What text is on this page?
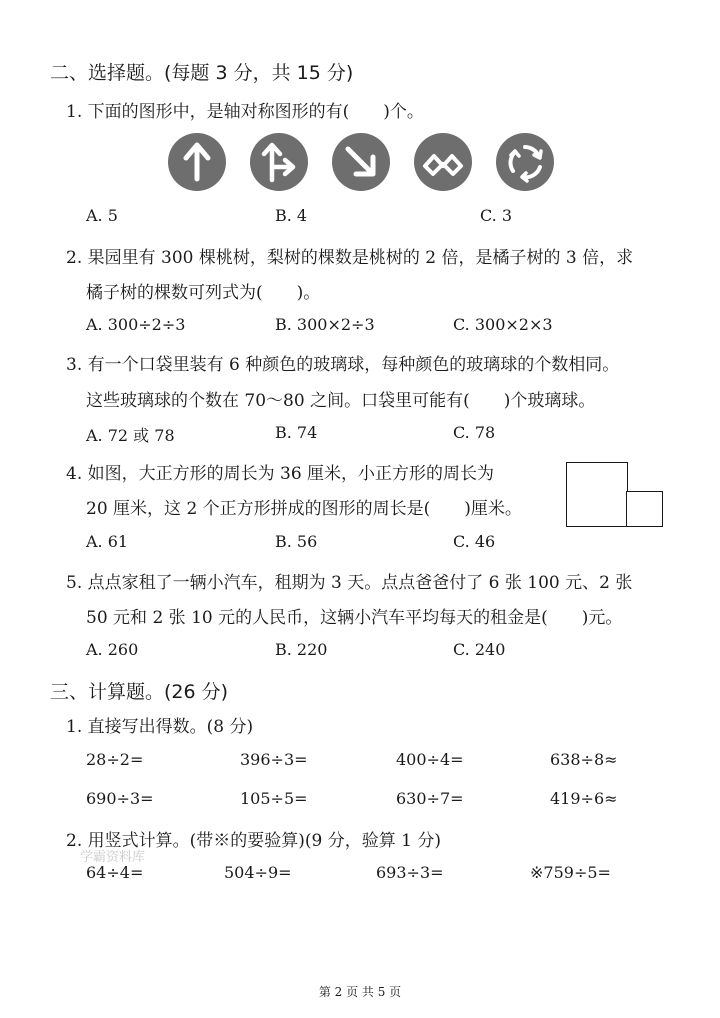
二、选择题。(每题 3 分，共 15 分)
1. 下面的图形中，是轴对称图形的有(　　)个。
A. 5	B. 4	C. 3
2. 果园里有 300 棵桃树，梨树的棵数是桃树的 2 倍，是橘子树的 3 倍，求
橘子树的棵数可列式为(　　)。
A. 300÷2÷3	B. 300×2÷3	C. 300×2×3
3. 有一个口袋里装有 6 种颜色的玻璃球，每种颜色的玻璃球的个数相同。
这些玻璃球的个数在 70～80 之间。口袋里可能有(　　)个玻璃球。
A. 72 或 78	B. 74	C. 78
4. 如图，大正方形的周长为 36 厘米，小正方形的周长为
20 厘米，这 2 个正方形拼成的图形的周长是(　　)厘米。
A. 61	B. 56	C. 46
5. 点点家租了一辆小汽车，租期为 3 天。点点爸爸付了 6 张 100 元、2 张
50 元和 2 张 10 元的人民币，这辆小汽车平均每天的租金是(　　)元。
A. 260	B. 220	C. 240
三、计算题。(26 分)
1. 直接写出得数。(8 分)
28÷2=	396÷3=	400÷4=	638÷8≈
690÷3=	105÷5=	630÷7=	419÷6≈
2. 用竖式计算。(带※的要验算)(9 分，验算 1 分)
学霸资料库
64÷4=	504÷9=	693÷3=	※759÷5=
第 2 页 共 5 页
